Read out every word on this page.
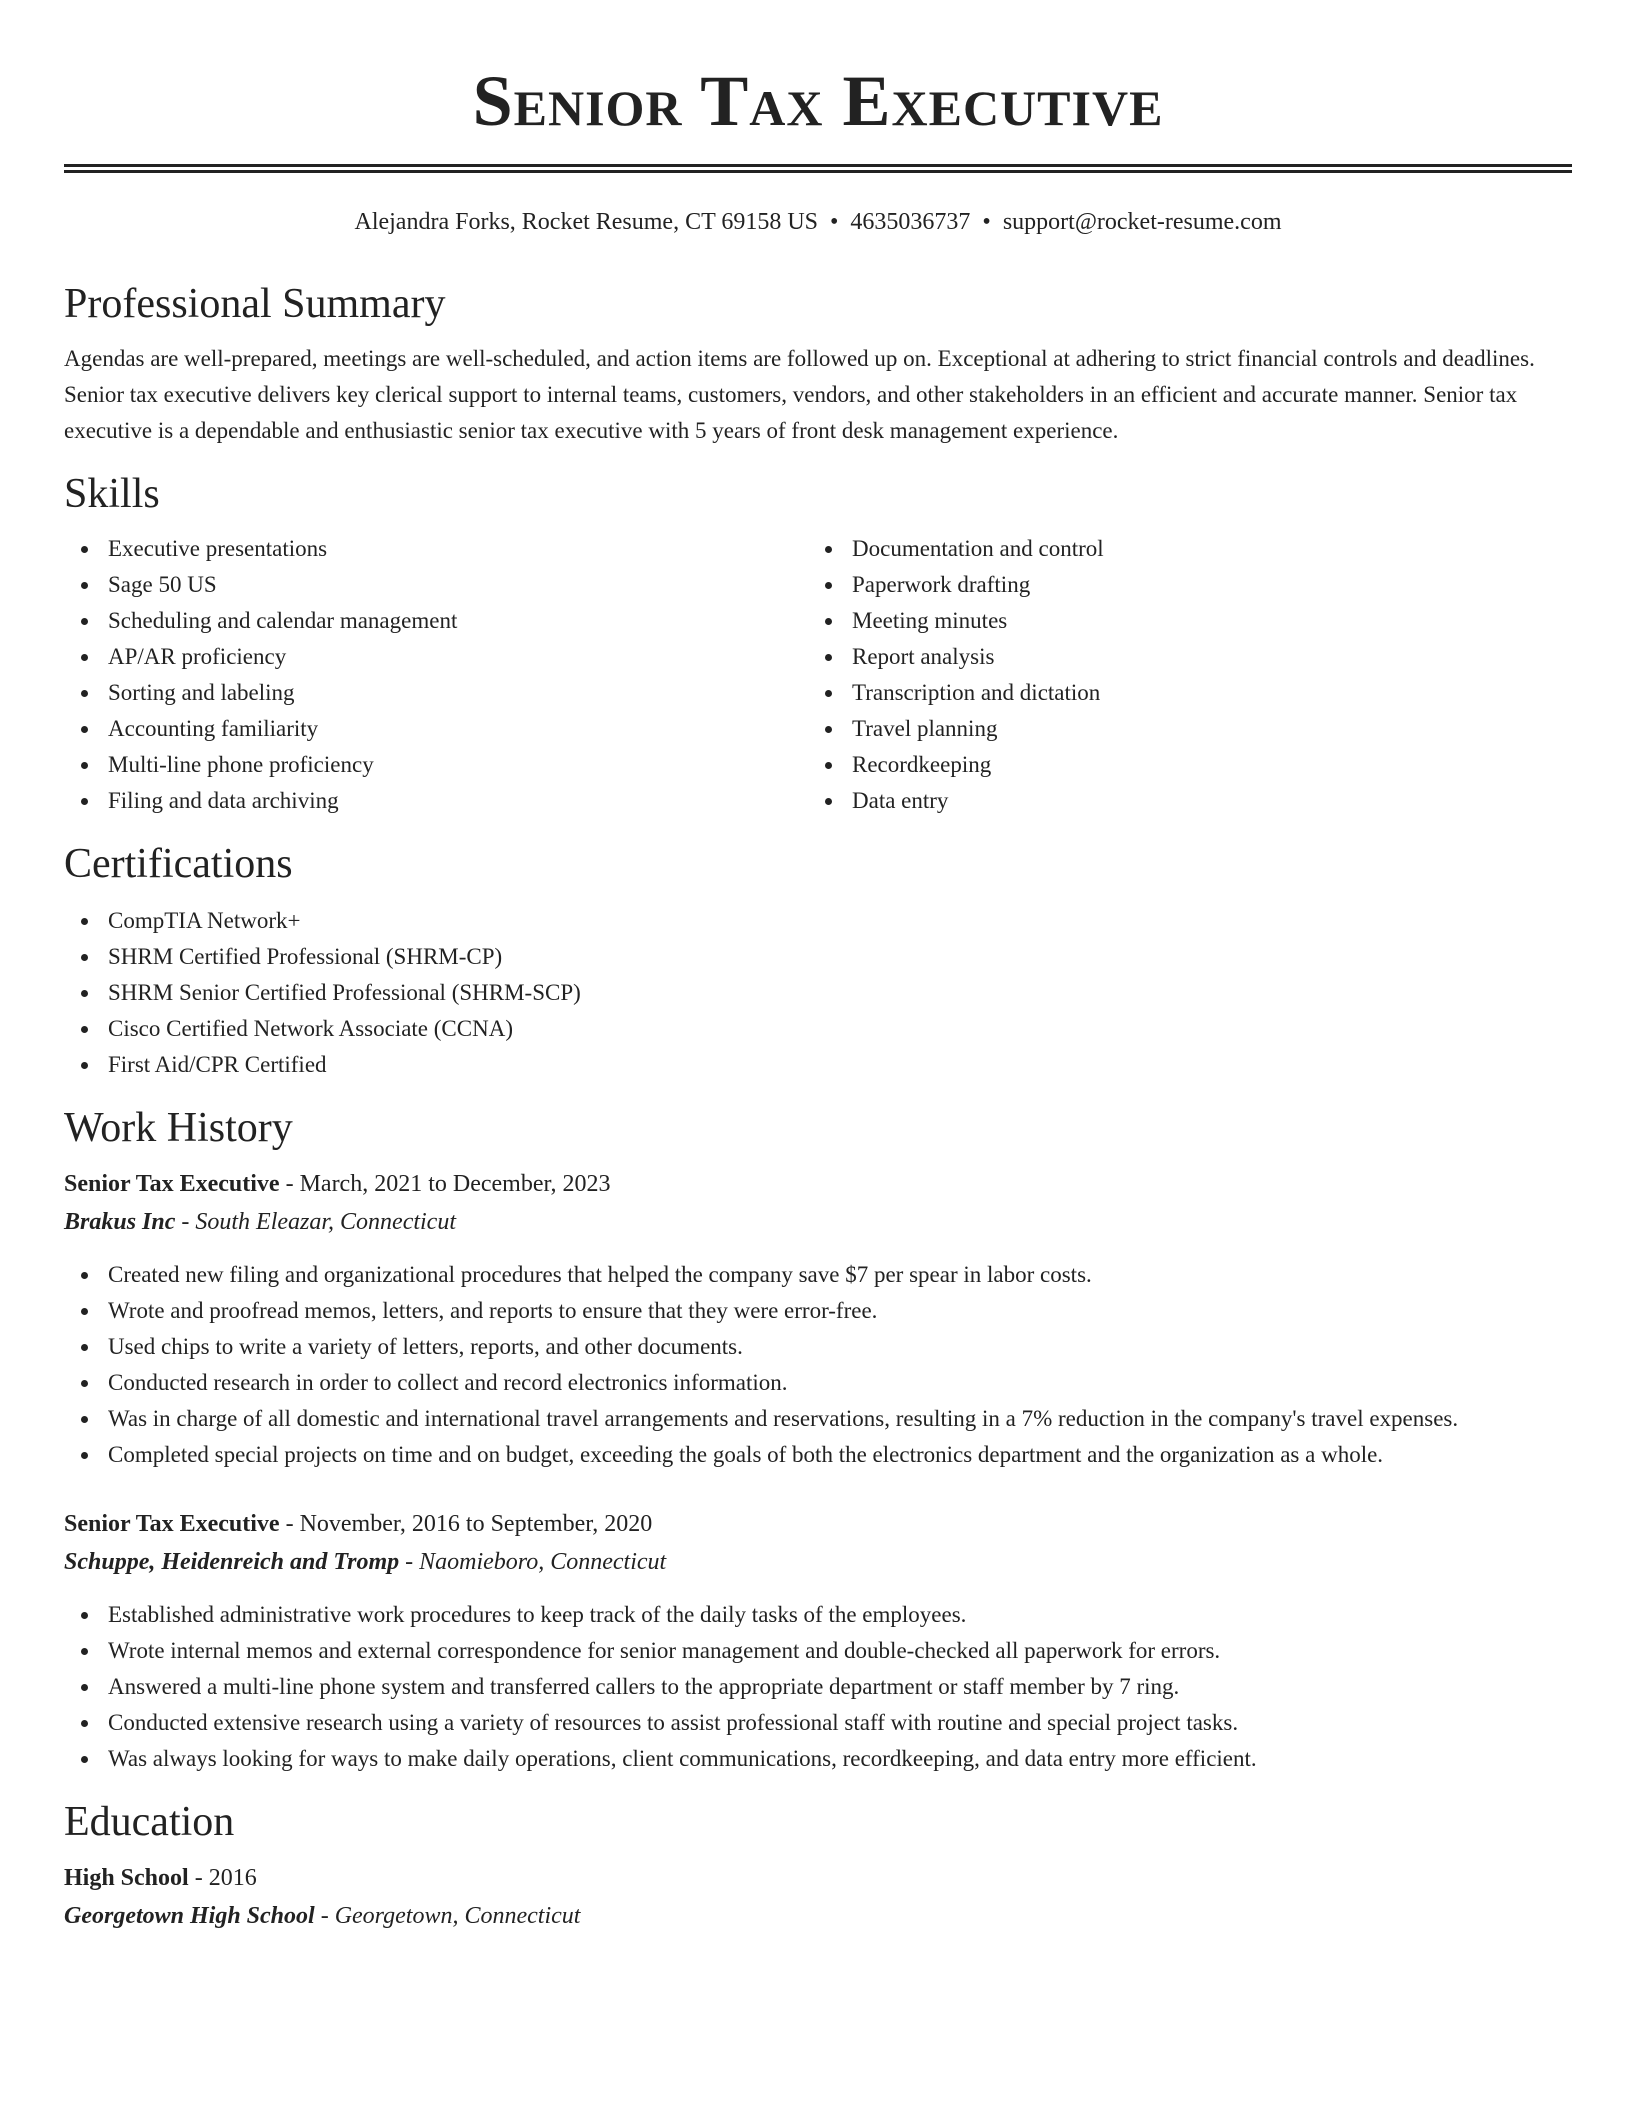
Senior Tax Executive
Alejandra Forks, Rocket Resume, CT 69158 US • 4635036737 • support@rocket-resume.com
Professional Summary

Agendas are well-prepared, meetings are well-scheduled, and action items are followed up on. Exceptional at adhering to strict financial controls and deadlines. Senior tax executive delivers key clerical support to internal teams, customers, vendors, and other stakeholders in an efficient and accurate manner. Senior tax executive is a dependable and enthusiastic senior tax executive with 5 years of front desk management experience.

Skills
Executive presentations
Sage 50 US
Scheduling and calendar management
AP/AR proficiency
Sorting and labeling
Accounting familiarity
Multi-line phone proficiency
Filing and data archiving
Documentation and control
Paperwork drafting
Meeting minutes
Report analysis
Transcription and dictation
Travel planning
Recordkeeping
Data entry
Certifications
CompTIA Network+
SHRM Certified Professional (SHRM-CP)
SHRM Senior Certified Professional (SHRM-SCP)
Cisco Certified Network Associate (CCNA)
First Aid/CPR Certified
Work History
Senior Tax Executive - March, 2021 to December, 2023
Brakus Inc - South Eleazar, Connecticut
Created new filing and organizational procedures that helped the company save $7 per spear in labor costs.
Wrote and proofread memos, letters, and reports to ensure that they were error-free.
Used chips to write a variety of letters, reports, and other documents.
Conducted research in order to collect and record electronics information.
Was in charge of all domestic and international travel arrangements and reservations, resulting in a 7% reduction in the company's travel expenses.
Completed special projects on time and on budget, exceeding the goals of both the electronics department and the organization as a whole.
Senior Tax Executive - November, 2016 to September, 2020
Schuppe, Heidenreich and Tromp - Naomieboro, Connecticut
Established administrative work procedures to keep track of the daily tasks of the employees.
Wrote internal memos and external correspondence for senior management and double-checked all paperwork for errors.
Answered a multi-line phone system and transferred callers to the appropriate department or staff member by 7 ring.
Conducted extensive research using a variety of resources to assist professional staff with routine and special project tasks.
Was always looking for ways to make daily operations, client communications, recordkeeping, and data entry more efficient.
Education
High School - 2016
Georgetown High School - Georgetown, Connecticut
